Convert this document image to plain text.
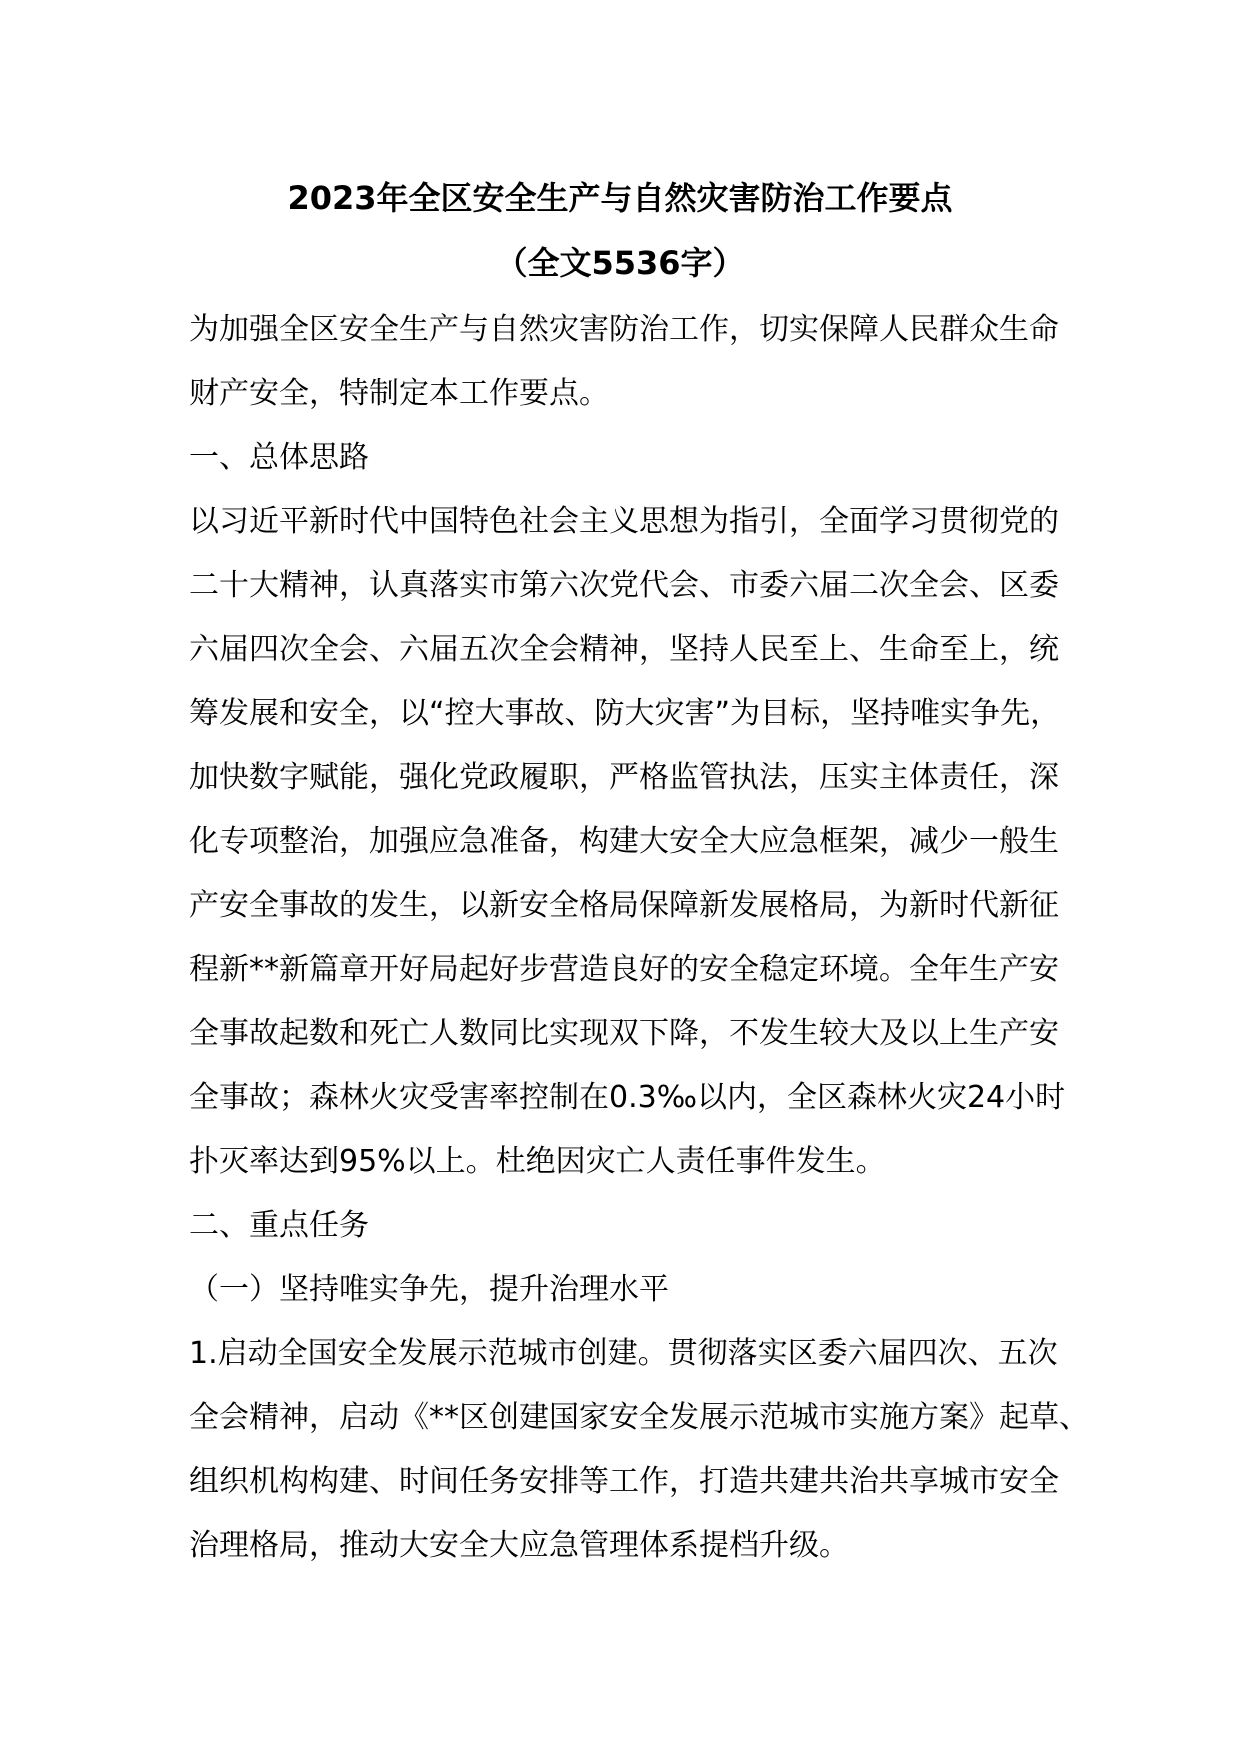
2023年全区安全生产与自然灾害防治工作要点
（全文5536字）
为加强全区安全生产与自然灾害防治工作，切实保障人民群众生命
财产安全，特制定本工作要点。
一、总体思路
以习近平新时代中国特色社会主义思想为指引，全面学习贯彻党的
二十大精神，认真落实市第六次党代会、市委六届二次全会、区委
六届四次全会、六届五次全会精神，坚持人民至上、生命至上，统
筹发展和安全，以“控大事故、防大灾害”为目标，坚持唯实争先，
加快数字赋能，强化党政履职，严格监管执法，压实主体责任，深
化专项整治，加强应急准备，构建大安全大应急框架，减少一般生
产安全事故的发生，以新安全格局保障新发展格局，为新时代新征
程新**新篇章开好局起好步营造良好的安全稳定环境。全年生产安
全事故起数和死亡人数同比实现双下降，不发生较大及以上生产安
全事故；森林火灾受害率控制在0.3‰以内，全区森林火灾24小时
扑灭率达到95%以上。杜绝因灾亡人责任事件发生。
二、重点任务
（一）坚持唯实争先，提升治理水平
1.启动全国安全发展示范城市创建。贯彻落实区委六届四次、五次
全会精神，启动《**区创建国家安全发展示范城市实施方案》起草、
组织机构构建、时间任务安排等工作，打造共建共治共享城市安全
治理格局，推动大安全大应急管理体系提档升级。
